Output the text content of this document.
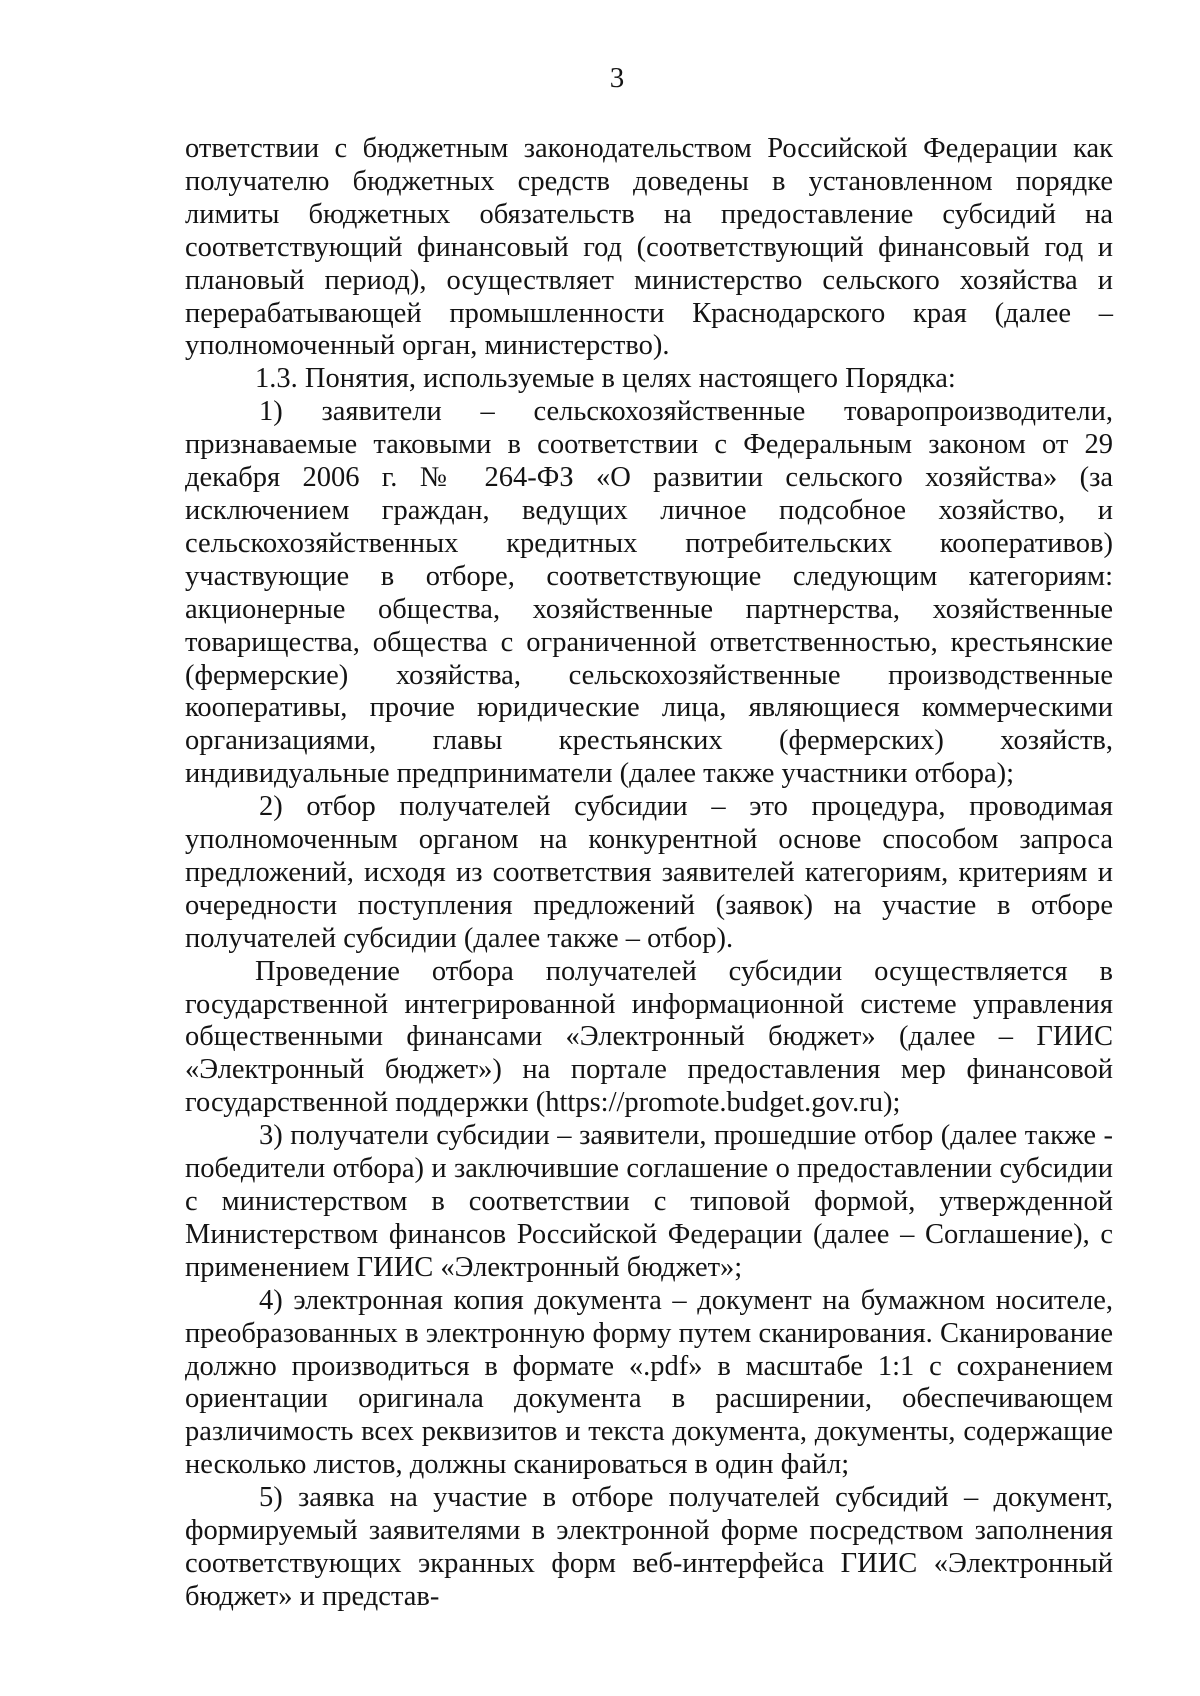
3

ответствии с бюджетным законодательством Российской Федерации как получателю бюджетных средств доведены в установленном порядке лимиты бюджетных обязательств на предоставление субсидий на соответствующий финансовый год (соответствующий финансовый год и плановый период), осуществляет министерство сельского хозяйства и перерабатывающей промышленности Краснодарского края (далее – уполномоченный орган, министерство).

1.3. Понятия, используемые в целях настоящего Порядка:

1) заявители – сельскохозяйственные товаропроизводители, признаваемые таковыми в соответствии с Федеральным законом от 29 декабря 2006 г. № 264-ФЗ «О развитии сельского хозяйства» (за исключением граждан, ведущих личное подсобное хозяйство, и сельскохозяйственных кредитных потребительских кооперативов) участвующие в отборе, соответствующие следующим категориям: акционерные общества, хозяйственные партнерства, хозяйственные товарищества, общества с ограниченной ответственностью, крестьянские (фермерские) хозяйства, сельскохозяйственные производственные кооперативы, прочие юридические лица, являющиеся коммерческими организациями, главы крестьянских (фермерских) хозяйств, индивидуальные предприниматели (далее также участники отбора);

2) отбор получателей субсидии – это процедура, проводимая уполномоченным органом на конкурентной основе способом запроса предложений, исходя из соответствия заявителей категориям, критериям и очередности поступления предложений (заявок) на участие в отборе получателей субсидии (далее также – отбор).

Проведение отбора получателей субсидии осуществляется в государственной интегрированной информационной системе управления общественными финансами «Электронный бюджет» (далее – ГИИС «Электронный бюджет») на портале предоставления мер финансовой государственной поддержки (https://promote.budget.gov.ru);

3) получатели субсидии – заявители, прошедшие отбор (далее также - победители отбора) и заключившие соглашение о предоставлении субсидии с министерством в соответствии с типовой формой, утвержденной Министерством финансов Российской Федерации (далее – Соглашение), с применением ГИИС «Электронный бюджет»;

4) электронная копия документа – документ на бумажном носителе, преобразованных в электронную форму путем сканирования. Сканирование должно производиться в формате «.pdf» в масштабе 1:1 с сохранением ориентации оригинала документа в расширении, обеспечивающем различимость всех реквизитов и текста документа, документы, содержащие несколько листов, должны сканироваться в один файл;

5) заявка на участие в отборе получателей субсидий – документ, формируемый заявителями в электронной форме посредством заполнения соответствующих экранных форм веб-интерфейса ГИИС «Электронный бюджет» и представ-
